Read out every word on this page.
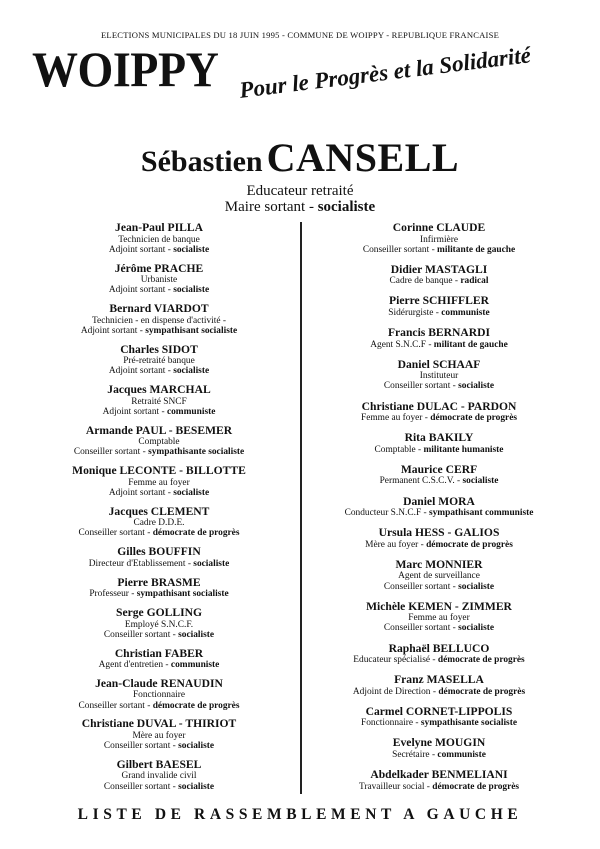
ELECTIONS MUNICIPALES DU 18 JUIN 1995 - COMMUNE DE WOIPPY - REPUBLIQUE FRANCAISE
WOIPPY Pour le Progrès et la Solidarité
Sébastien CANSELL
Educateur retraité
Maire sortant - socialiste
Jean-Paul PILLA
Technicien de banque
Adjoint sortant - socialiste
Jérôme PRACHE
Urbaniste
Adjoint sortant - socialiste
Bernard VIARDOT
Technicien - en dispense d'activité -
Adjoint sortant - sympathisant socialiste
Charles SIDOT
Pré-retraité banque
Adjoint sortant - socialiste
Jacques MARCHAL
Retraité SNCF
Adjoint sortant - communiste
Armande PAUL - BESEMER
Comptable
Conseiller sortant - sympathisante socialiste
Monique LECONTE - BILLOTTE
Femme au foyer
Adjoint sortant - socialiste
Jacques CLEMENT
Cadre D.D.E.
Conseiller sortant - démocrate de progrès
Gilles BOUFFIN
Directeur d'Etablissement - socialiste
Pierre BRASME
Professeur - sympathisant socialiste
Serge GOLLING
Employé S.N.C.F.
Conseiller sortant - socialiste
Christian FABER
Agent d'entretien - communiste
Jean-Claude RENAUDIN
Fonctionnaire
Conseiller sortant - démocrate de progrès
Christiane DUVAL - THIRIOT
Mère au foyer
Conseiller sortant - socialiste
Gilbert BAESEL
Grand invalide civil
Conseiller sortant - socialiste
Corinne CLAUDE
Infirmière
Conseiller sortant - militante de gauche
Didier MASTAGLI
Cadre de banque - radical
Pierre SCHIFFLER
Sidérurgiste - communiste
Francis BERNARDI
Agent S.N.C.F - militant de gauche
Daniel SCHAAF
Instituteur
Conseiller sortant - socialiste
Christiane DULAC - PARDON
Femme au foyer - démocrate de progrès
Rita BAKILY
Comptable - militante humaniste
Maurice CERF
Permanent C.S.C.V. - socialiste
Daniel MORA
Conducteur S.N.C.F - sympathisant communiste
Ursula HESS - GALIOS
Mère au foyer - démocrate de progrès
Marc MONNIER
Agent de surveillance
Conseiller sortant - socialiste
Michèle KEMEN - ZIMMER
Femme au foyer
Conseiller sortant - socialiste
Raphaël BELLUCO
Educateur spécialisé - démocrate de progrès
Franz MASELLA
Adjoint de Direction - démocrate de progrès
Carmel CORNET-LIPPOLIS
Fonctionnaire - sympathisante socialiste
Evelyne MOUGIN
Secrétaire - communiste
Abdelkader BENMELIANI
Travailleur social - démocrate de progrès
LISTE DE RASSEMBLEMENT A GAUCHE
